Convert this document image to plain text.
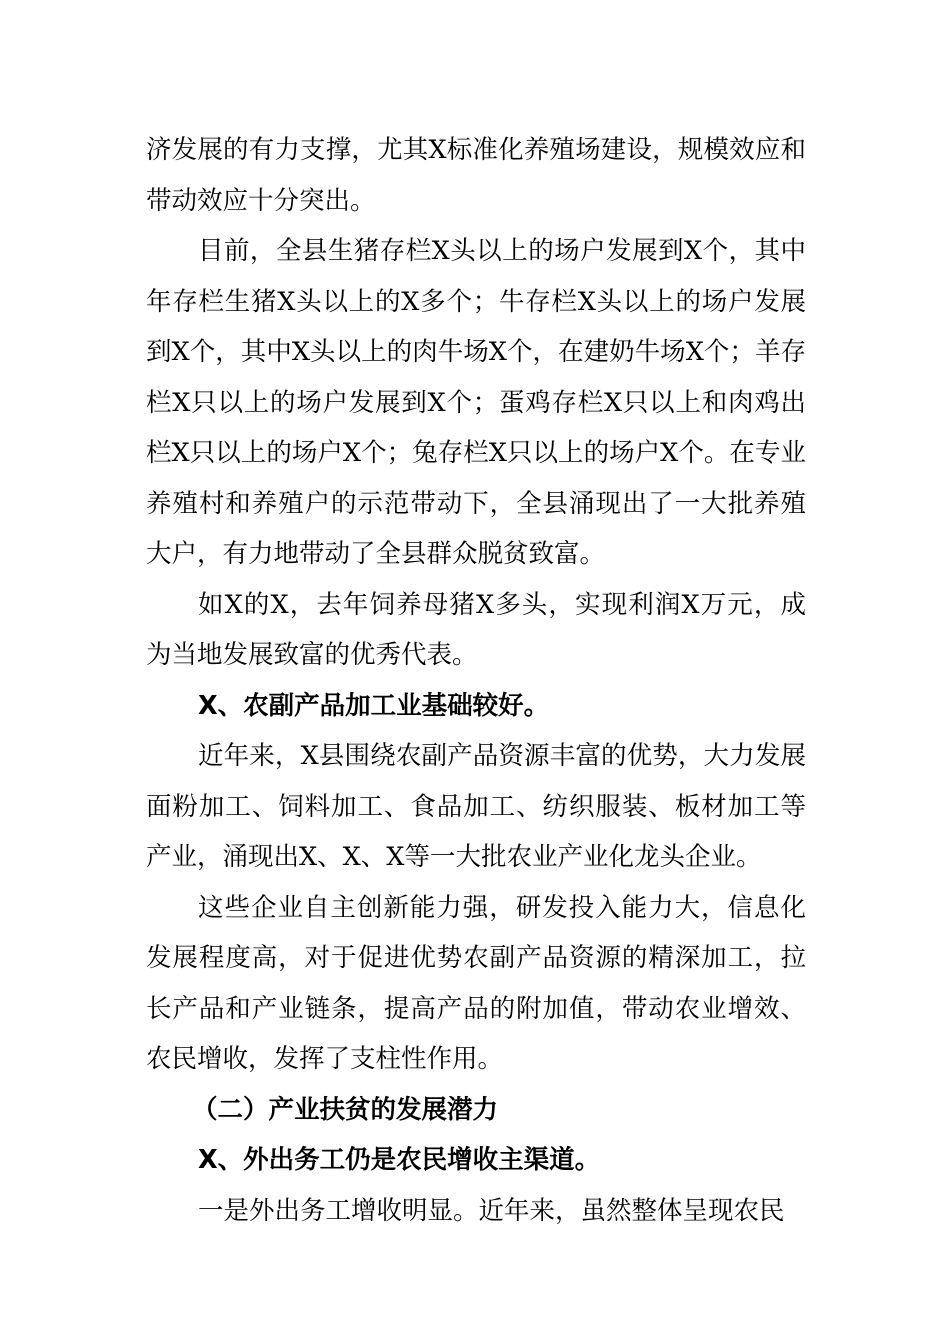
济发展的有力支撑，尤其X标准化养殖场建设，规模效应和带动效应十分突出。

目前，全县生猪存栏X头以上的场户发展到X个，其中年存栏生猪X头以上的X多个；牛存栏X头以上的场户发展到X个，其中X头以上的肉牛场X个，在建奶牛场X个；羊存栏X只以上的场户发展到X个；蛋鸡存栏X只以上和肉鸡出栏X只以上的场户X个；兔存栏X只以上的场户X个。在专业养殖村和养殖户的示范带动下，全县涌现出了一大批养殖大户，有力地带动了全县群众脱贫致富。

如X的X，去年饲养母猪X多头，实现利润X万元，成为当地发展致富的优秀代表。

X、农副产品加工业基础较好。

近年来，X县围绕农副产品资源丰富的优势，大力发展面粉加工、饲料加工、食品加工、纺织服装、板材加工等产业，涌现出X、X、X等一大批农业产业化龙头企业。

这些企业自主创新能力强，研发投入能力大，信息化发展程度高，对于促进优势农副产品资源的精深加工，拉长产品和产业链条，提高产品的附加值，带动农业增效、农民增收，发挥了支柱性作用。

（二）产业扶贫的发展潜力

X、外出务工仍是农民增收主渠道。

一是外出务工增收明显。近年来，虽然整体呈现农民
